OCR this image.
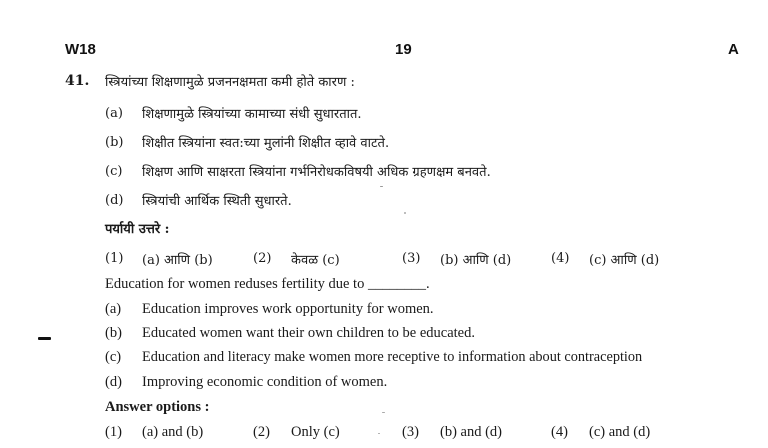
W18	19	A
41. स्त्रियांच्या शिक्षणामुळे प्रजननक्षमता कमी होते कारण :
(a) शिक्षणामुळे स्त्रियांच्या कामाच्या संधी सुधारतात.
(b) शिक्षीत स्त्रियांना स्वत:च्या मुलांनी शिक्षीत व्हावे वाटते.
(c) शिक्षण आणि साक्षरता स्त्रियांना गर्भनिरोधकविषयी अधिक ग्रहणक्षम बनवते.
(d) स्त्रियांची आर्थिक स्थिती सुधारते.
पर्यायी उत्तरे :
(1) (a) आणि (b)	(2) केवळ (c)	(3) (b) आणि (d)	(4) (c) आणि (d)
Education for women reduses fertility due to ________.
(a) Education improves work opportunity for women.
(b) Educated women want their own children to be educated.
(c) Education and literacy make women more receptive to information about contraception
(d) Improving economic condition of women.
Answer options :
(1) (a) and (b)	(2) Only (c)	(3) (b) and (d)	(4) (c) and (d)
